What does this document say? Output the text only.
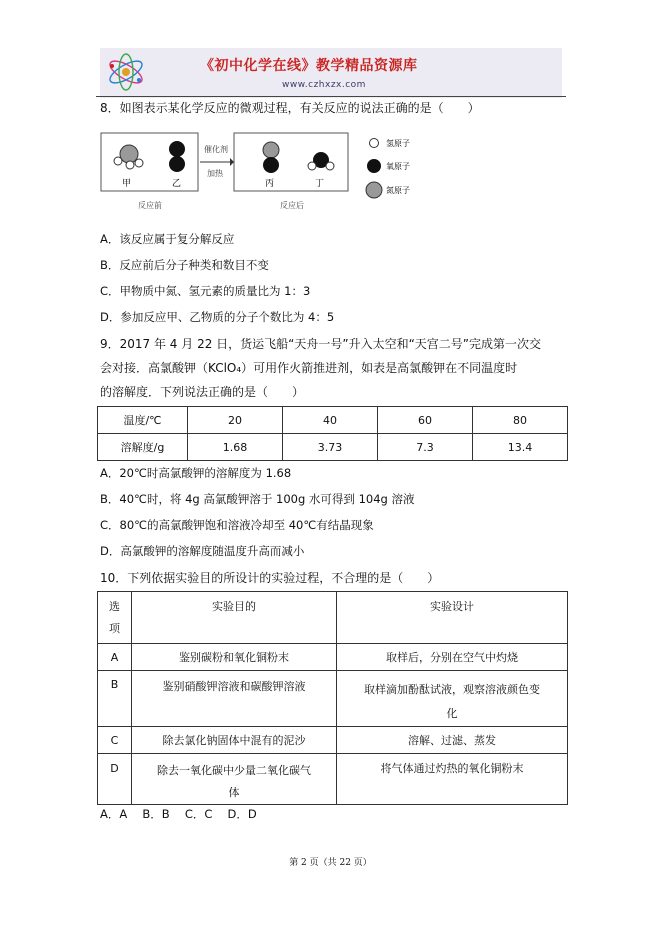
《初中化学在线》教学精品资源库
www.czhxzx.com
8．如图表示某化学反应的微观过程，有关反应的说法正确的是（　　）
催化剂
加热
甲	乙	丙	丁
反应前	反应后
氢原子
氧原子
氮原子
A．该反应属于复分解反应
B．反应前后分子种类和数目不变
C．甲物质中氮、氢元素的质量比为 1：3
D．参加反应甲、乙物质的分子个数比为 4：5
9．2017 年 4 月 22 日，货运飞船“天舟一号”升入太空和“天宫二号”完成第一次交
会对接．高氯酸钾（KClO₄）可用作火箭推进剂，如表是高氯酸钾在不同温度时
的溶解度．下列说法正确的是（　　）
温度/℃	20	40	60	80
溶解度/g	1.68	3.73	7.3	13.4
A．20℃时高氯酸钾的溶解度为 1.68
B．40℃时，将 4g 高氯酸钾溶于 100g 水可得到 104g 溶液
C．80℃的高氯酸钾饱和溶液冷却至 40℃有结晶现象
D．高氯酸钾的溶解度随温度升高而减小
10．下列依据实验目的所设计的实验过程，不合理的是（　　）
选
项	实验目的	实验设计
A	鉴别碳粉和氧化铜粉末	取样后，分别在空气中灼烧
B	鉴别硝酸钾溶液和碳酸钾溶液	取样滴加酚酞试液，观察溶液颜色变
化

C	除去氯化钠固体中混有的泥沙	溶解、过滤、蒸发
D	除去一氧化碳中少量二氧化碳气
体	将气体通过灼热的氧化铜粉末
A．A　 B．B　 C．C　 D．D
第 2 页（共 22 页）
